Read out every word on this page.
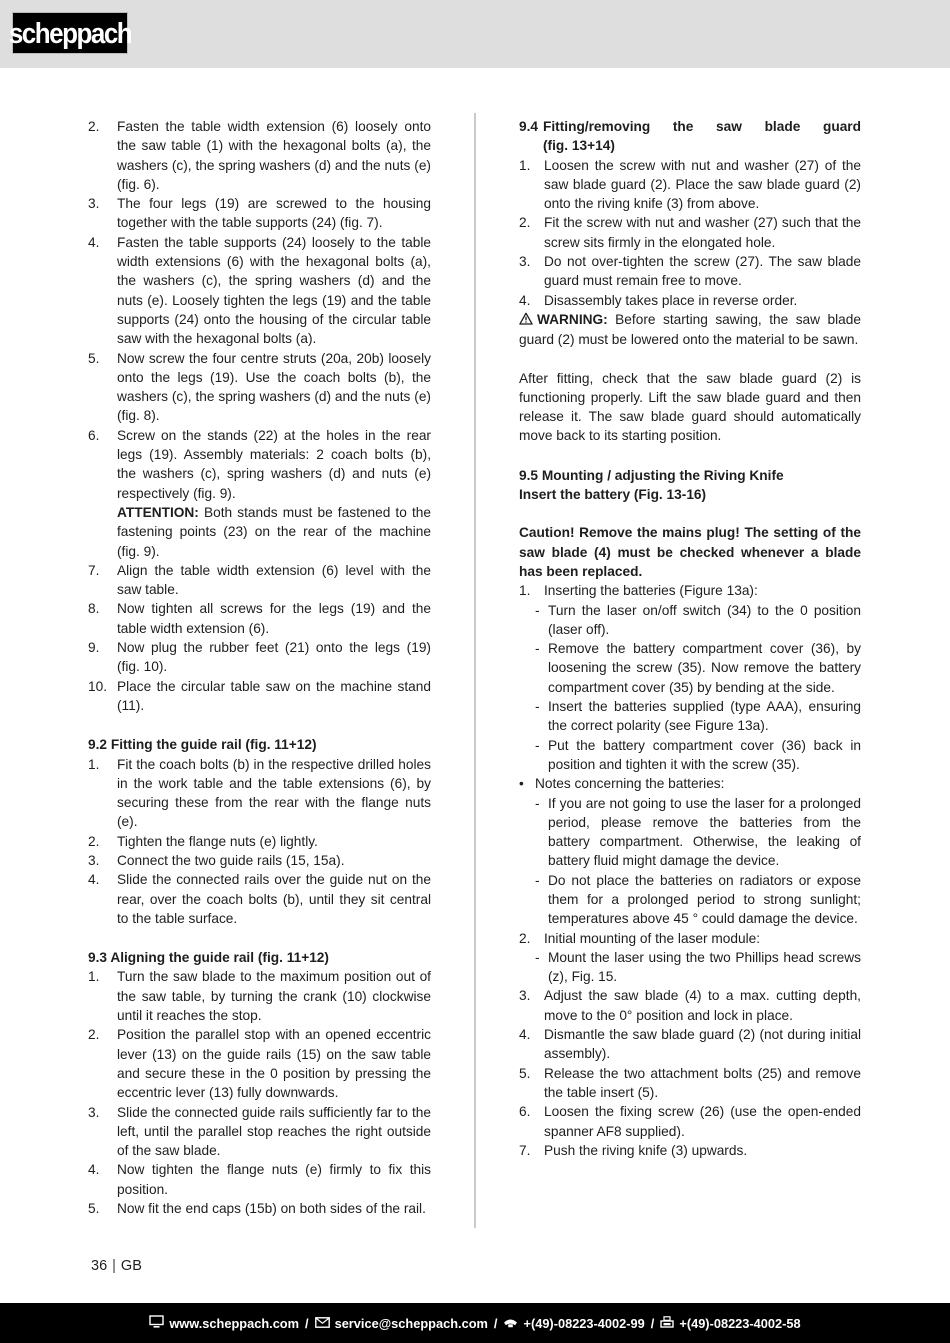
scheppach
2. Fasten the table width extension (6) loosely onto the saw table (1) with the hexagonal bolts (a), the washers (c), the spring washers (d) and the nuts (e) (fig. 6).
3. The four legs (19) are screwed to the housing together with the table supports (24) (fig. 7).
4. Fasten the table supports (24) loosely to the table width extensions (6) with the hexagonal bolts (a), the washers (c), the spring washers (d) and the nuts (e). Loosely tighten the legs (19) and the table supports (24) onto the housing of the circular table saw with the hexagonal bolts (a).
5. Now screw the four centre struts (20a, 20b) loosely onto the legs (19). Use the coach bolts (b), the washers (c), the spring washers (d) and the nuts (e) (fig. 8).
6. Screw on the stands (22) at the holes in the rear legs (19). Assembly materials: 2 coach bolts (b), the washers (c), spring washers (d) and nuts (e) respectively (fig. 9).
ATTENTION: Both stands must be fastened to the fastening points (23) on the rear of the machine (fig. 9).
7. Align the table width extension (6) level with the saw table.
8. Now tighten all screws for the legs (19) and the table width extension (6).
9. Now plug the rubber feet (21) onto the legs (19) (fig. 10).
10. Place the circular table saw on the machine stand (11).
9.2 Fitting the guide rail (fig. 11+12)
1. Fit the coach bolts (b) in the respective drilled holes in the work table and the table extensions (6), by securing these from the rear with the flange nuts (e).
2. Tighten the flange nuts (e) lightly.
3. Connect the two guide rails (15, 15a).
4. Slide the connected rails over the guide nut on the rear, over the coach bolts (b), until they sit central to the table surface.
9.3 Aligning the guide rail (fig. 11+12)
1. Turn the saw blade to the maximum position out of the saw table, by turning the crank (10) clockwise until it reaches the stop.
2. Position the parallel stop with an opened eccentric lever (13) on the guide rails (15) on the saw table and secure these in the 0 position by pressing the eccentric lever (13) fully downwards.
3. Slide the connected guide rails sufficiently far to the left, until the parallel stop reaches the right outside of the saw blade.
4. Now tighten the flange nuts (e) firmly to fix this position.
5. Now fit the end caps (15b) on both sides of the rail.
9.4 Fitting/removing the saw blade guard
(fig. 13+14)
1. Loosen the screw with nut and washer (27) of the saw blade guard (2). Place the saw blade guard (2) onto the riving knife (3) from above.
2. Fit the screw with nut and washer (27) such that the screw sits firmly in the elongated hole.
3. Do not over-tighten the screw (27). The saw blade guard must remain free to move.
4. Disassembly takes place in reverse order.
WARNING: Before starting sawing, the saw blade guard (2) must be lowered onto the material to be sawn.
After fitting, check that the saw blade guard (2) is functioning properly. Lift the saw blade guard and then release it. The saw blade guard should automatically move back to its starting position.
9.5 Mounting / adjusting the Riving Knife
Insert the battery (Fig. 13-16)
Caution! Remove the mains plug! The setting of the saw blade (4) must be checked whenever a blade has been replaced.
1. Inserting the batteries (Figure 13a):
- Turn the laser on/off switch (34) to the 0 position (laser off).
- Remove the battery compartment cover (36), by loosening the screw (35). Now remove the battery compartment cover (35) by bending at the side.
- Insert the batteries supplied (type AAA), ensuring the correct polarity (see Figure 13a).
- Put the battery compartment cover (36) back in position and tighten it with the screw (35).
• Notes concerning the batteries:
- If you are not going to use the laser for a prolonged period, please remove the batteries from the battery compartment. Otherwise, the leaking of battery fluid might damage the device.
- Do not place the batteries on radiators or expose them for a prolonged period to strong sunlight; temperatures above 45 ° could damage the device.
2. Initial mounting of the laser module:
- Mount the laser using the two Phillips head screws (z), Fig. 15.
3. Adjust the saw blade (4) to a max. cutting depth, move to the 0° position and lock in place.
4. Dismantle the saw blade guard (2) (not during initial assembly).
5. Release the two attachment bolts (25) and remove the table insert (5).
6. Loosen the fixing screw (26) (use the open-ended spanner AF8 supplied).
7. Push the riving knife (3) upwards.
36 | GB
www.scheppach.com /	service@scheppach.com /	+(49)-08223-4002-99 /	+(49)-08223-4002-58
